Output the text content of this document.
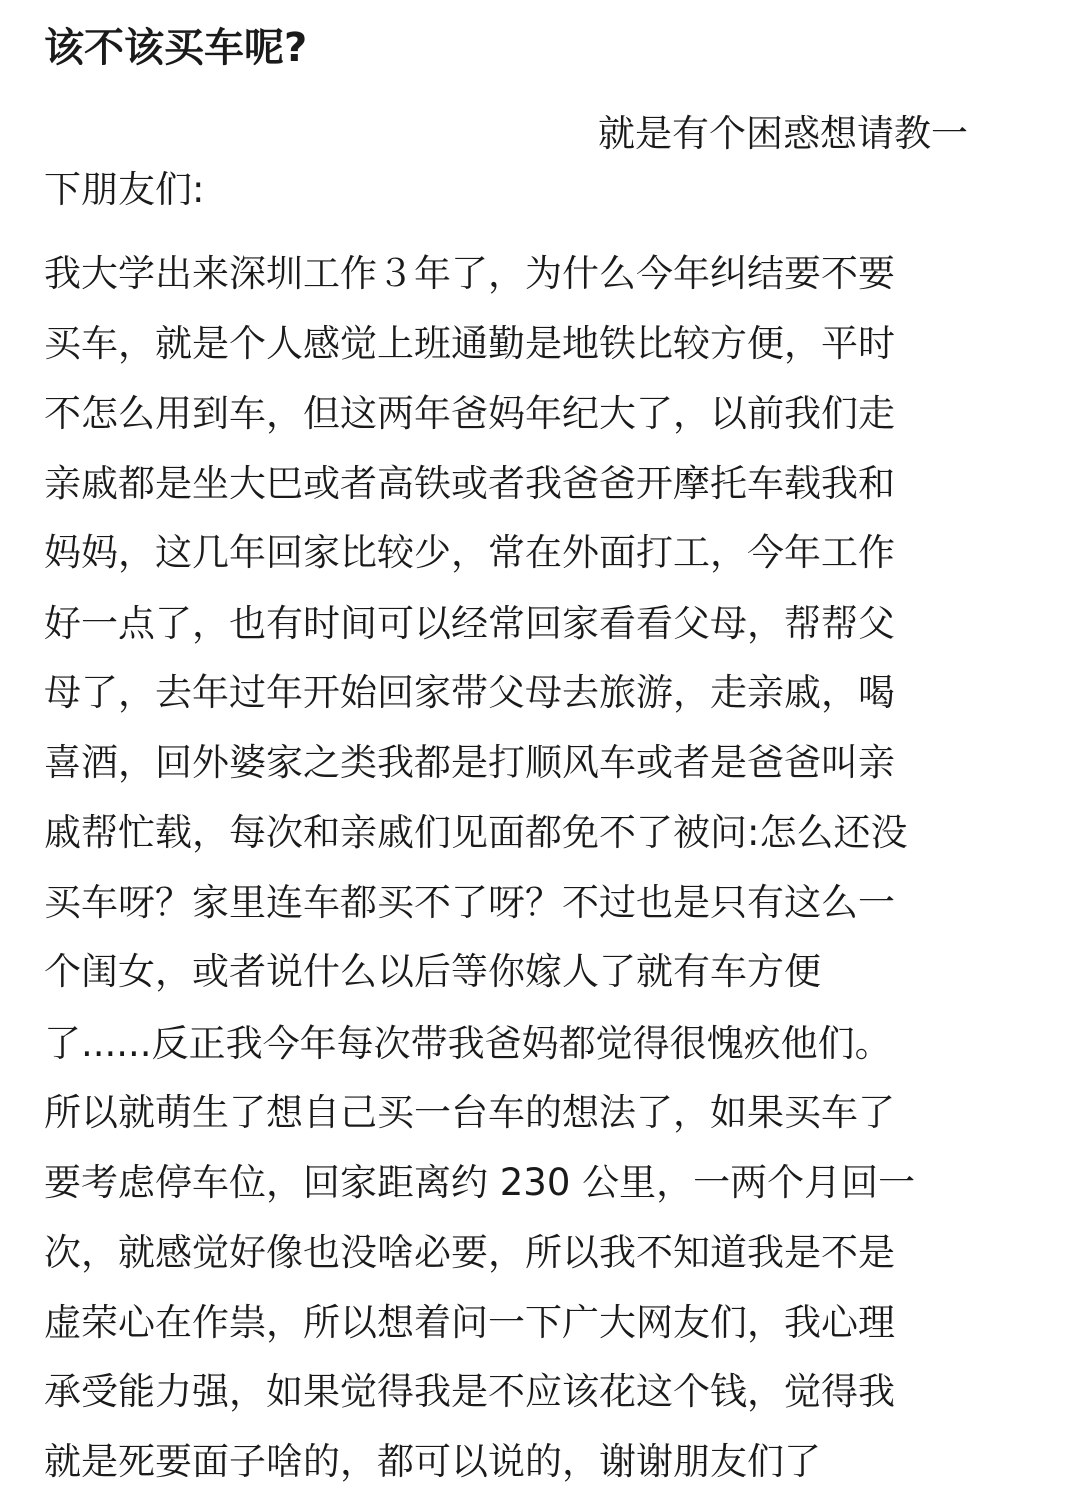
该不该买车呢?
就是有个困惑想请教一
下朋友们:
我大学出来深圳工作３年了，为什么今年纠结要不要
买车，就是个人感觉上班通勤是地铁比较方便，平时
不怎么用到车，但这两年爸妈年纪大了，以前我们走
亲戚都是坐大巴或者高铁或者我爸爸开摩托车载我和
妈妈，这几年回家比较少，常在外面打工，今年工作
好一点了，也有时间可以经常回家看看父母，帮帮父
母了，去年过年开始回家带父母去旅游，走亲戚，喝
喜酒，回外婆家之类我都是打顺风车或者是爸爸叫亲
戚帮忙载，每次和亲戚们见面都免不了被问:怎么还没
买车呀？家里连车都买不了呀？不过也是只有这么一
个闺女，或者说什么以后等你嫁人了就有车方便
了......反正我今年每次带我爸妈都觉得很愧疚他们。
所以就萌生了想自己买一台车的想法了，如果买车了
要考虑停车位，回家距离约 230 公里，一两个月回一
次，就感觉好像也没啥必要，所以我不知道我是不是
虚荣心在作祟，所以想着问一下广大网友们，我心理
承受能力强，如果觉得我是不应该花这个钱，觉得我
就是死要面子啥的，都可以说的，谢谢朋友们了
